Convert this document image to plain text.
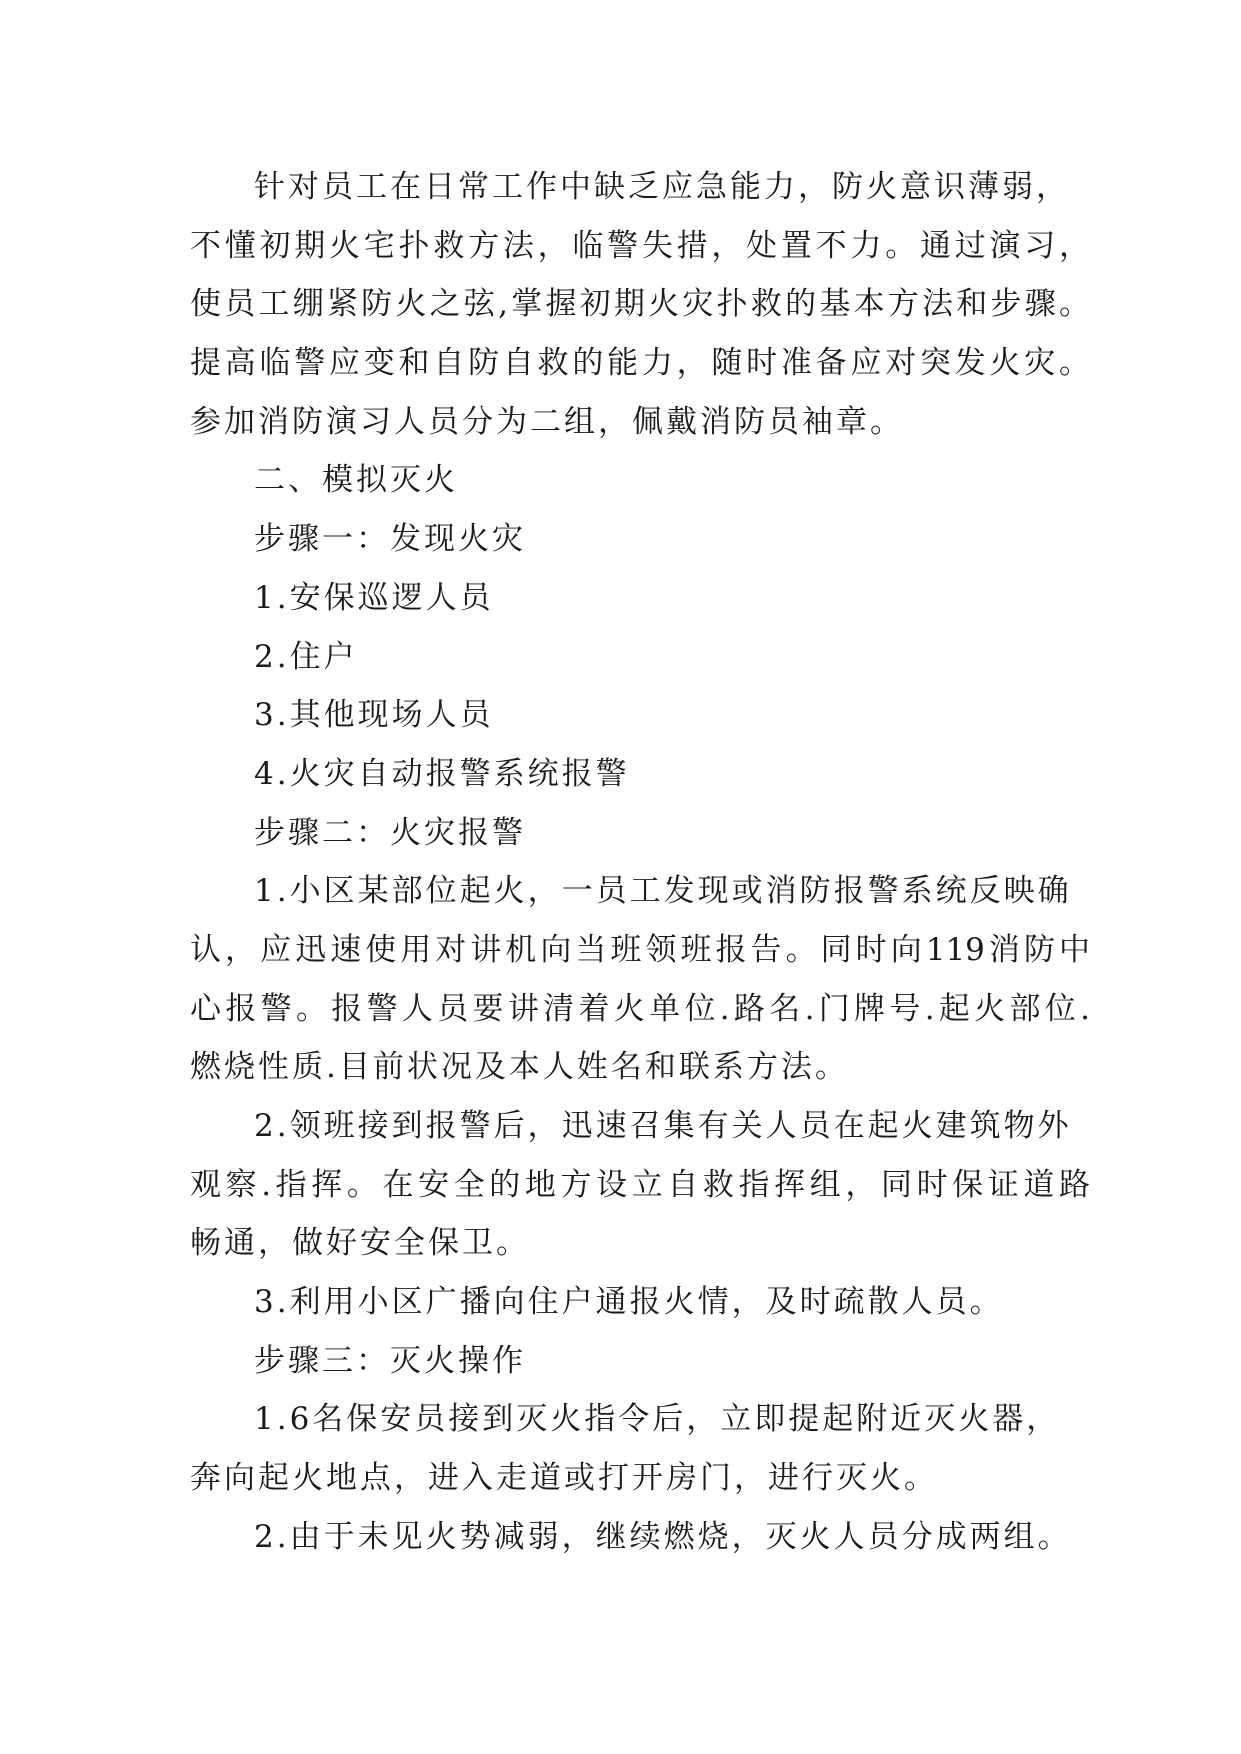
针对员工在日常工作中缺乏应急能力，防火意识薄弱，
不懂初期火宅扑救方法，临警失措，处置不力。通过演习，
使员工绷紧防火之弦,掌握初期火灾扑救的基本方法和步骤。
提高临警应变和自防自救的能力，随时准备应对突发火灾。
参加消防演习人员分为二组，佩戴消防员袖章。
二、模拟灭火
步骤一：发现火灾
1.安保巡逻人员
2.住户
3.其他现场人员
4.火灾自动报警系统报警
步骤二：火灾报警
1.小区某部位起火，一员工发现或消防报警系统反映确
认，应迅速使用对讲机向当班领班报告。同时向119消防中
心报警。报警人员要讲清着火单位.路名.门牌号.起火部位.
燃烧性质.目前状况及本人姓名和联系方法。
2.领班接到报警后，迅速召集有关人员在起火建筑物外
观察.指挥。在安全的地方设立自救指挥组，同时保证道路
畅通，做好安全保卫。
3.利用小区广播向住户通报火情，及时疏散人员。
步骤三：灭火操作
1.6名保安员接到灭火指令后，立即提起附近灭火器，
奔向起火地点，进入走道或打开房门，进行灭火。
2.由于未见火势减弱，继续燃烧，灭火人员分成两组。
